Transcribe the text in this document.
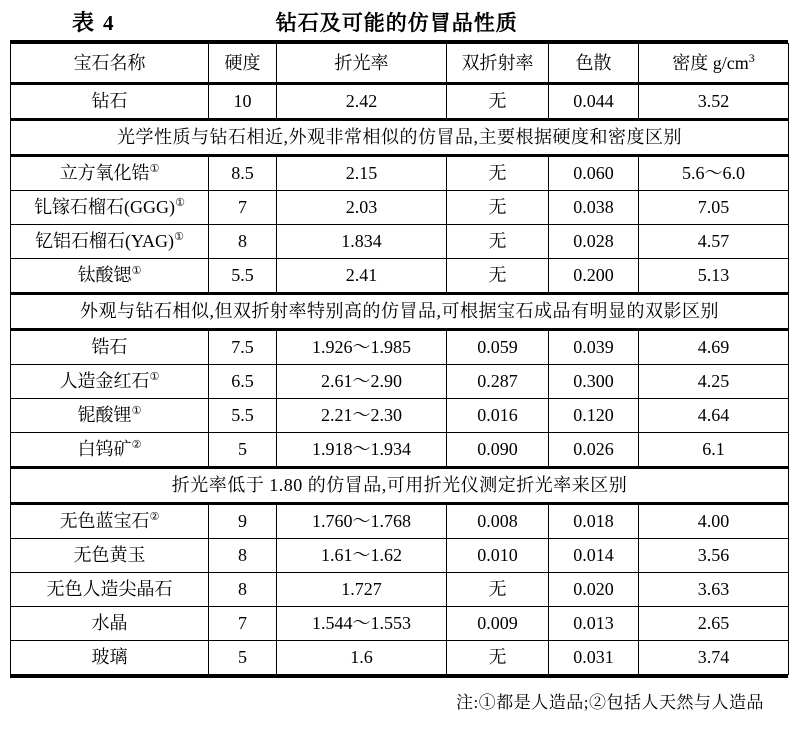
表 4	钻石及可能的仿冒品性质
宝石名称	硬度	折光率	双折射率	色散	密度 $g/cm^3$
钻石	10	2.42	无	0.044	3.52
光学性质与钻石相近,外观非常相似的仿冒品,主要根据硬度和密度区别					
立方氧化锆①	8.5	2.15	无	0.060	5.6～6.0
钆镓石榴石(GGG)①	7	2.03	无	0.038	7.05
钇铝石榴石(YAG)①	8	1.834	无	0.028	4.57
钛酸锶①	5.5	2.41	无	0.200	5.13
外观与钻石相似,但双折射率特别高的仿冒品,可根据宝石成品有明显的双影区别					
锆石	7.5	1.926～1.985	0.059	0.039	4.69
人造金红石①	6.5	2.61～2.90	0.287	0.300	4.25
铌酸锂①	5.5	2.21～2.30	0.016	0.120	4.64
白钨矿②	5	1.918～1.934	0.090	0.026	6.1
折光率低于 1.80 的仿冒品,可用折光仪测定折光率来区别					
无色蓝宝石②	9	1.760～1.768	0.008	0.018	4.00
无色黄玉	8	1.61～1.62	0.010	0.014	3.56
无色人造尖晶石	8	1.727	无	0.020	3.63
水晶	7	1.544～1.553	0.009	0.013	2.65
玻璃	5	1.6	无	0.031	3.74
注:①都是人造品;②包括人天然与人造品
